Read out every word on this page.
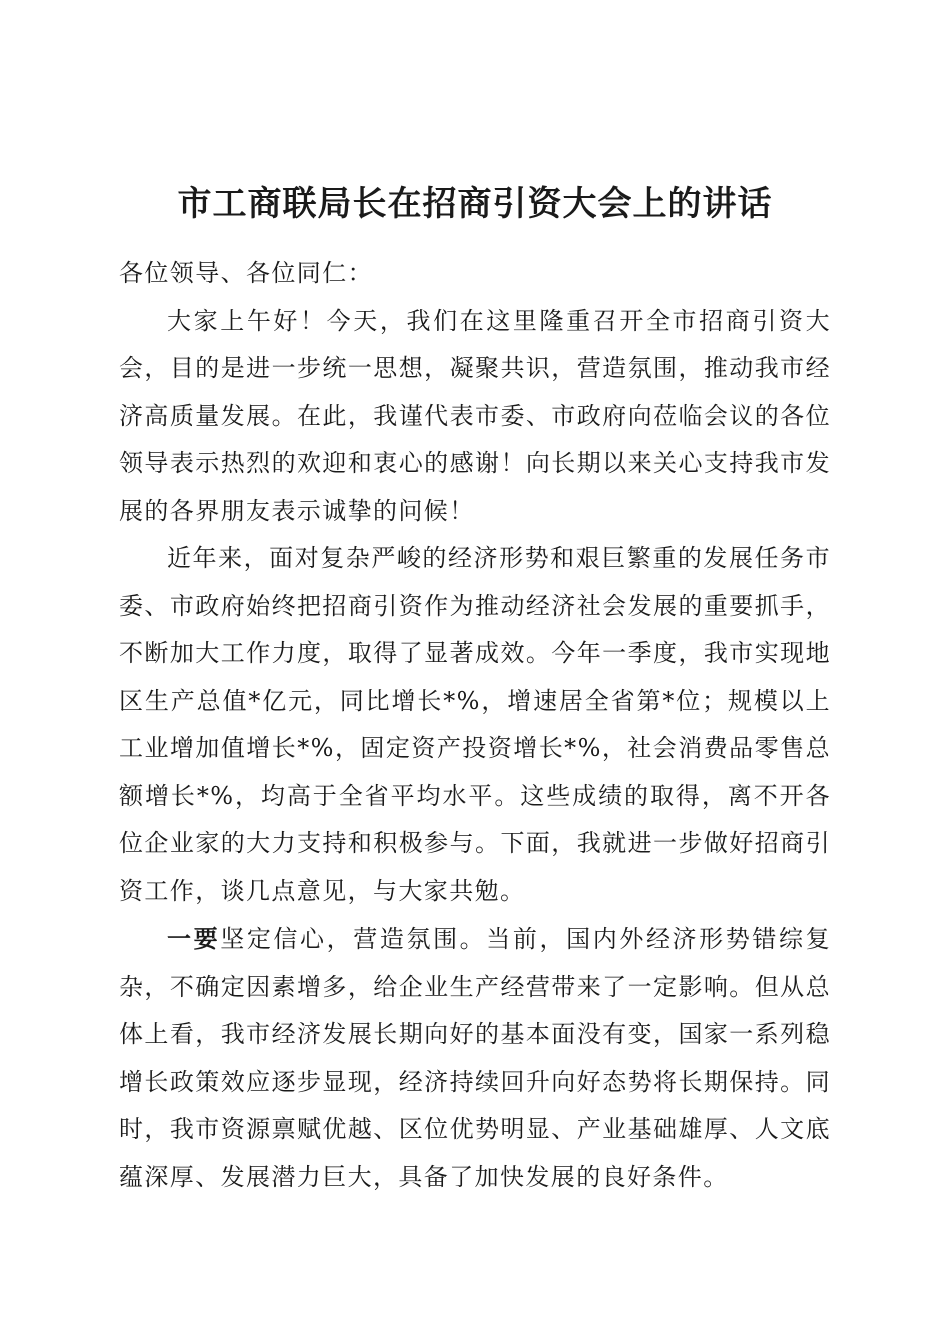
市工商联局长在招商引资大会上的讲话

各位领导、各位同仁：

大家上午好！今天，我们在这里隆重召开全市招商引资大会，目的是进一步统一思想，凝聚共识，营造氛围，推动我市经济高质量发展。在此，我谨代表市委、市政府向莅临会议的各位领导表示热烈的欢迎和衷心的感谢！向长期以来关心支持我市发展的各界朋友表示诚挚的问候！

近年来，面对复杂严峻的经济形势和艰巨繁重的发展任务市委、市政府始终把招商引资作为推动经济社会发展的重要抓手，不断加大工作力度，取得了显著成效。今年一季度，我市实现地区生产总值*亿元，同比增长*%，增速居全省第*位；规模以上工业增加值增长*%，固定资产投资增长*%，社会消费品零售总额增长*%，均高于全省平均水平。这些成绩的取得，离不开各位企业家的大力支持和积极参与。下面，我就进一步做好招商引资工作，谈几点意见，与大家共勉。

一要坚定信心，营造氛围。当前，国内外经济形势错综复杂，不确定因素增多，给企业生产经营带来了一定影响。但从总体上看，我市经济发展长期向好的基本面没有变，国家一系列稳增长政策效应逐步显现，经济持续回升向好态势将长期保持。同时，我市资源禀赋优越、区位优势明显、产业基础雄厚、人文底蕴深厚、发展潜力巨大，具备了加快发展的良好条件。
